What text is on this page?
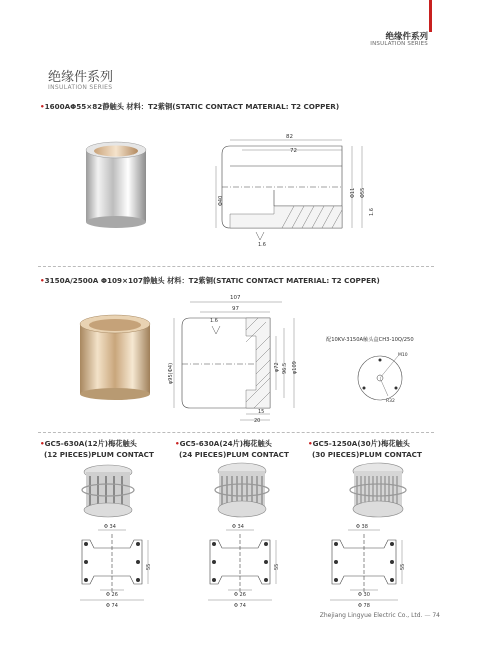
绝缘件系列
INSULATION SERIES
绝缘件系列
INSULATION SERIES
•1600AΦ55×82静触头 材料：T2紫铜(STATIC CONTACT MATERIAL: T2 COPPER)
82
72
Φ40
Φ11 Φ55
1.6
1.6
•3150A/2500A Φ109×107静触头 材料：T2紫铜(STATIC CONTACT MATERIAL: T2 COPPER)
107
97
1.6
φ95(Ф4)	φ72 96.5 φ109
15
20
配10KV-3150A触头盒CH3-10Q/250
M10
R32
•GC5-630A(12片)梅花触头
(12 PIECES)PLUM CONTACT
•GC5-630A(24片)梅花触头
(24 PIECES)PLUM CONTACT
•GC5-1250A(30片)梅花触头
(30 PIECES)PLUM CONTACT
Φ 34
Φ 26
Φ 74
55
Φ 34
Φ 26
Φ 74
55
Φ 38
Φ 30
Φ 78
55
Zhejiang Lingyue Electric Co., Ltd. — 74
